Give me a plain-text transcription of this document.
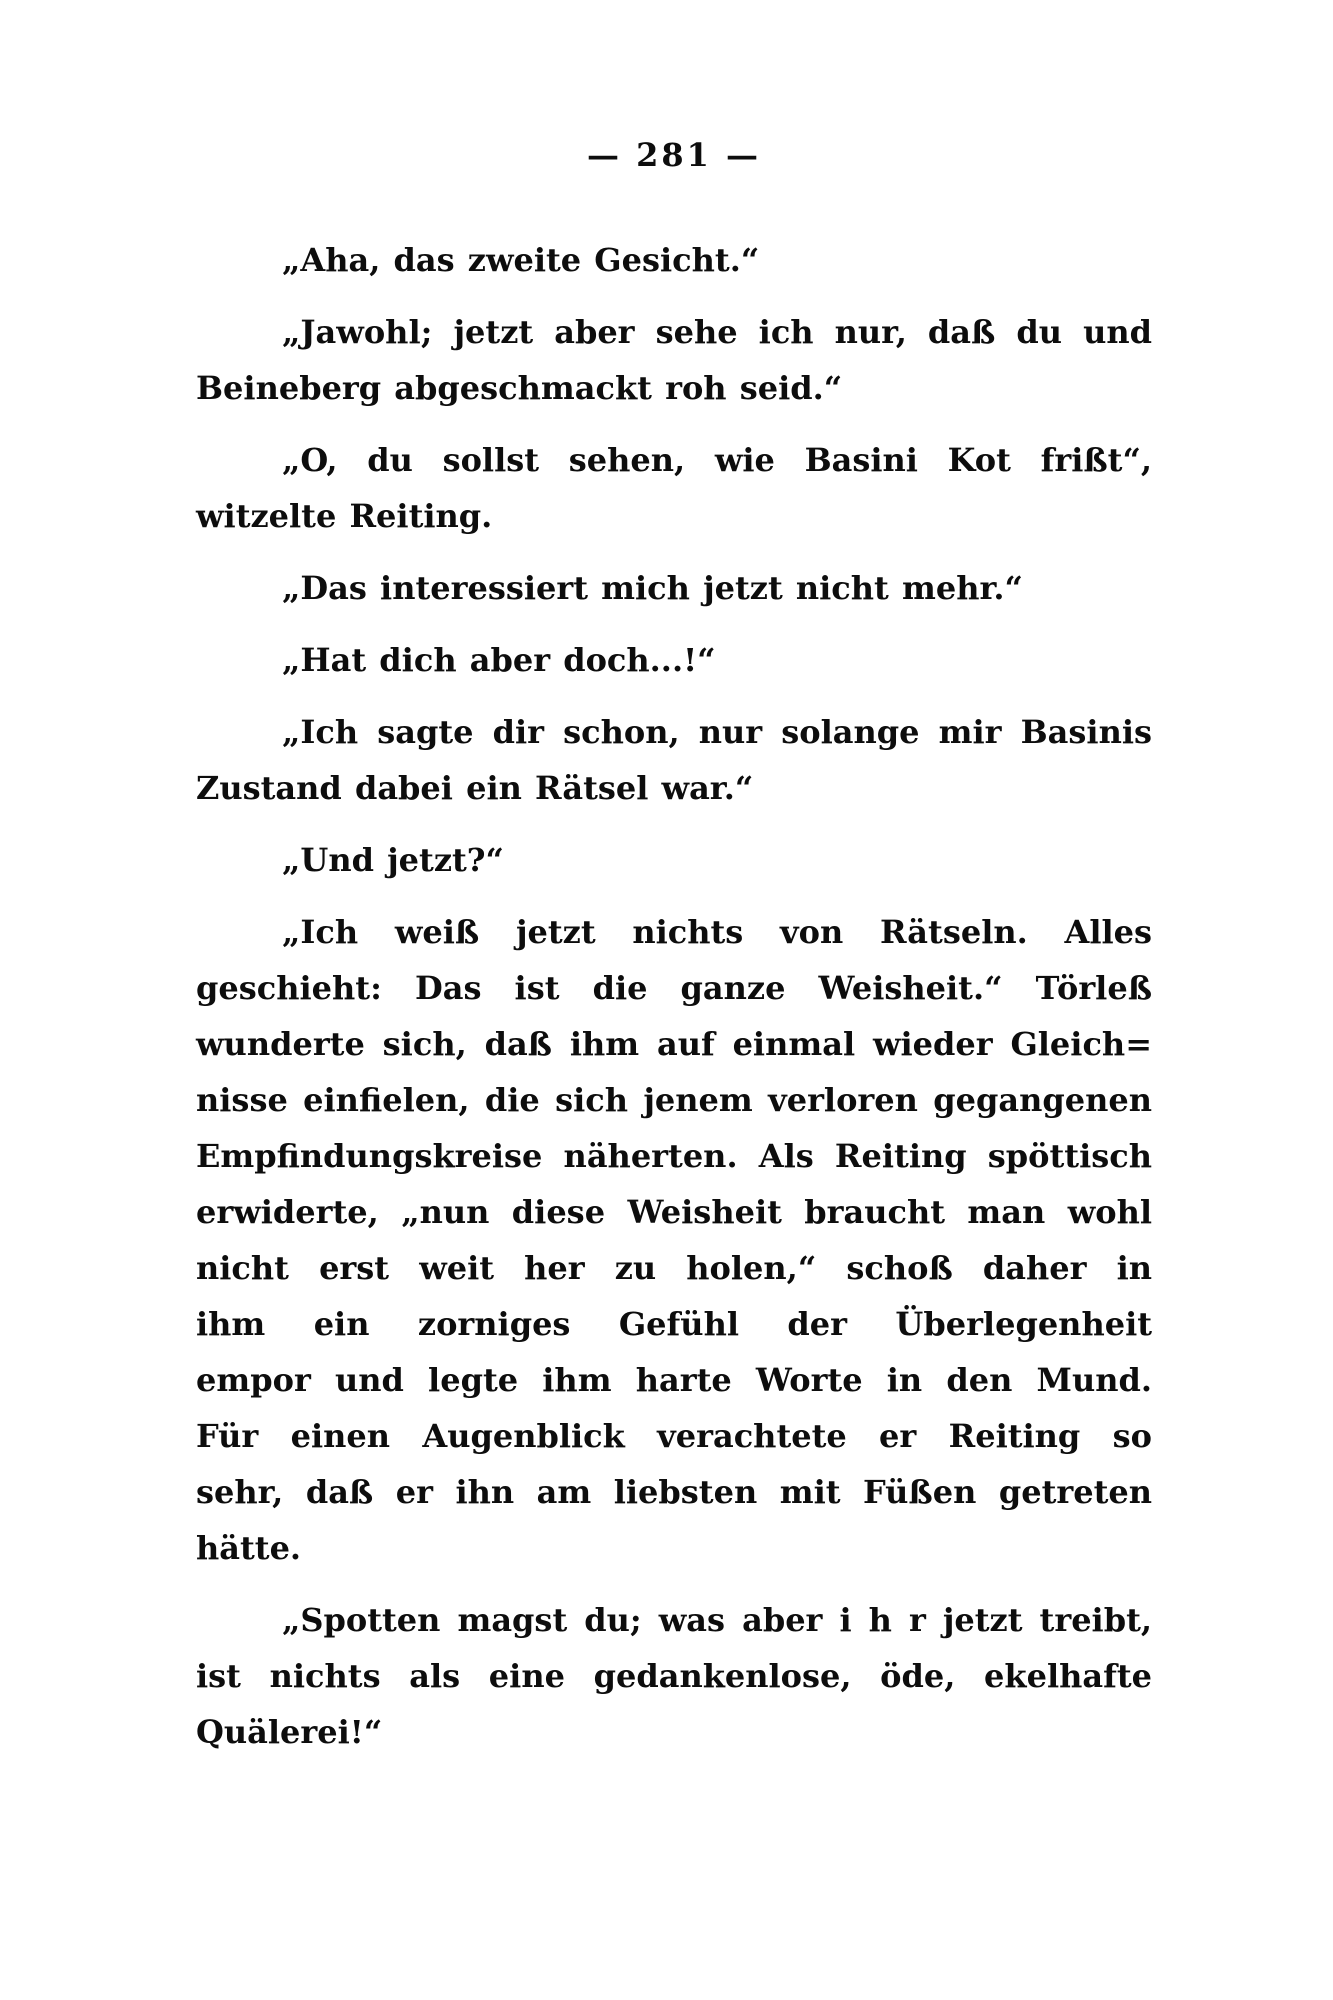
— 281 —

„Aha, das zweite Gesicht.“

„Jawohl; jetzt aber sehe ich nur, daß du und
Beineberg abgeschmackt roh seid.“

„O, du sollst sehen, wie Basini Kot frißt“,
witzelte Reiting.

„Das interessiert mich jetzt nicht mehr.“

„Hat dich aber doch...!“

„Ich sagte dir schon, nur solange mir Basinis
Zustand dabei ein Rätsel war.“

„Und jetzt?“

„Ich weiß jetzt nichts von Rätseln. Alles
geschieht: Das ist die ganze Weisheit.“ Törleß
wunderte sich, daß ihm auf einmal wieder Gleich=
nisse einfielen, die sich jenem verloren gegangenen
Empfindungskreise näherten. Als Reiting spöttisch
erwiderte, „nun diese Weisheit braucht man wohl
nicht erst weit her zu holen,“ schoß daher in
ihm ein zorniges Gefühl der Überlegenheit
empor und legte ihm harte Worte in den Mund.
Für einen Augenblick verachtete er Reiting so
sehr, daß er ihn am liebsten mit Füßen getreten
hätte.

„Spotten magst du; was aber i h r jetzt treibt,
ist nichts als eine gedankenlose, öde, ekelhafte
Quälerei!“
